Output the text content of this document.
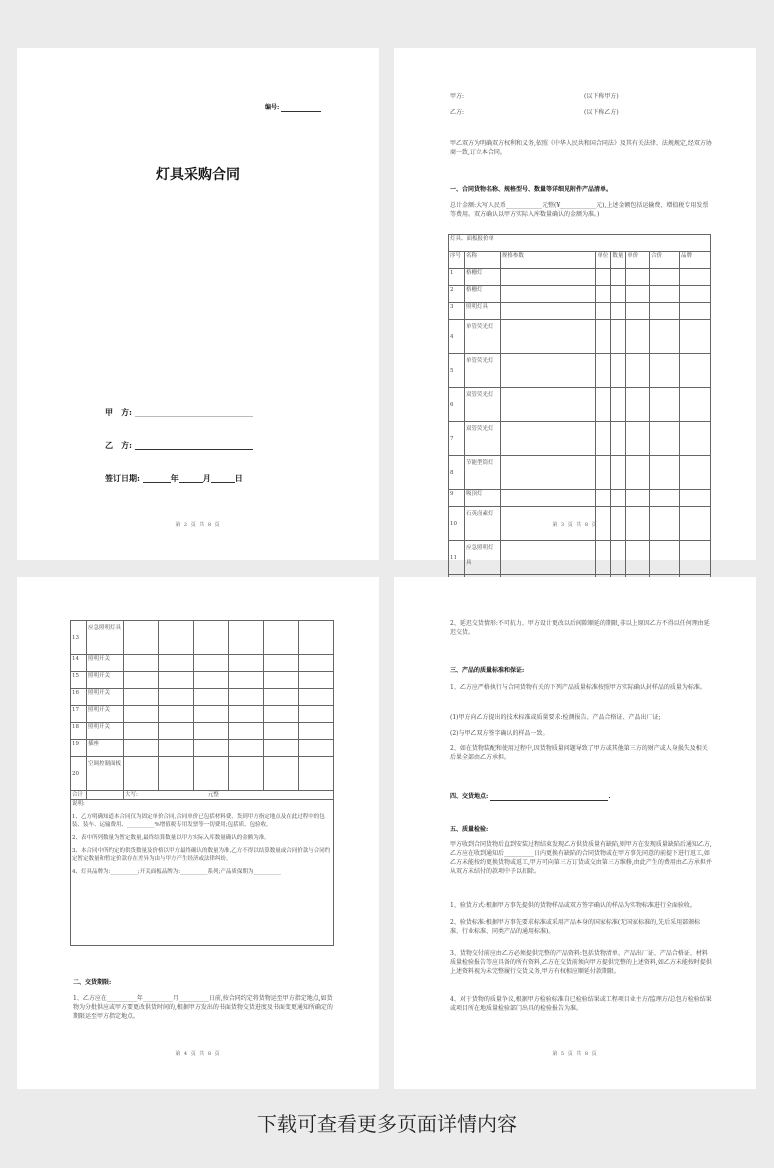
编号:
灯具采购合同
甲　方:
乙　方:
签订日期:	年	月	日
第 2 页 共 8 页
甲方:	(以下称甲方)
乙方:	(以下称乙方)
甲乙双方为明确双方权利和义务,依照《中华人民共和国合同法》及其有关法律、法规规定,经双方协商一致,订立本合同。
一、合同货物名称、规格型号、数量等详细见附件产品清单。
总计金额:大写人民币____________元整(¥____________元),上述金额包括运输费、增值税专用发票等费用。双方确认以甲方实际入库数量确认的金额为准。)
灯具、面板报价单							
序号	名称	规格参数	单位	数量	单价	合价	品牌
1	格栅灯						
2	格栅灯						
3	照明灯具						
4	单管荧光灯						
5	单管荧光灯						
6	双管荧光灯						
7	双管荧光灯						
8	节能型筒灯						
9	吸顶灯						
10	石英卤素灯						
11	应急照明灯具						

第 3 页 共 8 页
13	应急照明灯具						
14	照明开关						
15	照明开关						
16	照明开关						
17	照明开关						
18	照明开关						
19	插座						
20	空调控制面板						
合计		大写: 元整					

说明:
1、乙方明确知道本合同仅为固定单价合同,合同单价已包括材料费、货到甲方指定地点及在此过程中的包装、装车、运输费用、__________%增值税专用发票等一切费用;包括质、包验收。
2、表中所列数量为暂定数量,最终结算数量以甲方实际入库数量确认的金额为准。
3、本合同中所约定的供货数量及价格以甲方最终确认的数量为准,乙方不得以结算数量或合同价款与合同约定暂定数量和暂定价款存在差异为由与甲方产生经济或法律纠纷。
4、灯具品牌为:__________;开关面板品牌为:__________系列;产品质保期为__________							
二、交货期限:
1、乙方应在__________年__________月__________日前,按合同约定将货物运至甲方指定地点,如货物为分批供应或甲方要更改供货时间的,根据甲方发出的书面货物交货进度及书面变更通知所确定的期限运至甲方指定地点。
第 4 页 共 8 页
2、延迟交货情形:不可抗力、甲方设计更改以后间隙顺延的期限,非以上原因乙方不得以任何理由延迟交货。
三、产品的质量标准和保证:
1、乙方应严格执行与合同货物有关的下列产品质量标准按照甲方实际确认封样品的质量为标准。
(1)甲方向乙方提出的技术标准或质量要求:检测报告、产品合格证、产品出厂证;
(2)与甲乙双方签字确认的样品一致。
2、如在货物装配和使用过程中,因货物质量问题导致了甲方或其他第三方的财产或人身损失及相关后果全部由乙方承担。
四、交货地点:	.
五、质量检验:
甲方收到合同货物后直到安装过程结束发现乙方供货质量有缺陷,则甲方在发现质量缺陷后通知乙方,乙方应在收到通知后__________日内更换有缺陷的合同货物或在甲方事先同意的前提下进行返工,如乙方未能按约更换货物或返工,甲方可向第三方订货或交由第三方维修,由此产生的费用由乙方承担并从双方未结付的款项中予以扣除。
1、验货方式:根据甲方事先提供的货物样品或双方签字确认的样品为实物标准进行全面验收。
2、验货标准:根据甲方事先要求标准或采用产品本身的国家标准(无国家标准的,先后采用部颁标准、行业标准、同类产品的通用标准)。
3、货物交付前应由乙方必须提供完整的产品资料:包括货物清单、产品出厂证、产品合格证、材料质量检验报告等应具备的所有资料,乙方在交货前须向甲方提供完整的上述资料,如乙方未能按时提供上述资料视为未完整履行交货义务,甲方有权相应顺延付款期限。
4、对于货物的质量争议,根据甲方检验标准自已检验结果或工程项目业主方/监理方/总包方检验结果或项目所在地质量检验部门出具的检验报告为准。
第 5 页 共 8 页
下载可查看更多页面详情内容
